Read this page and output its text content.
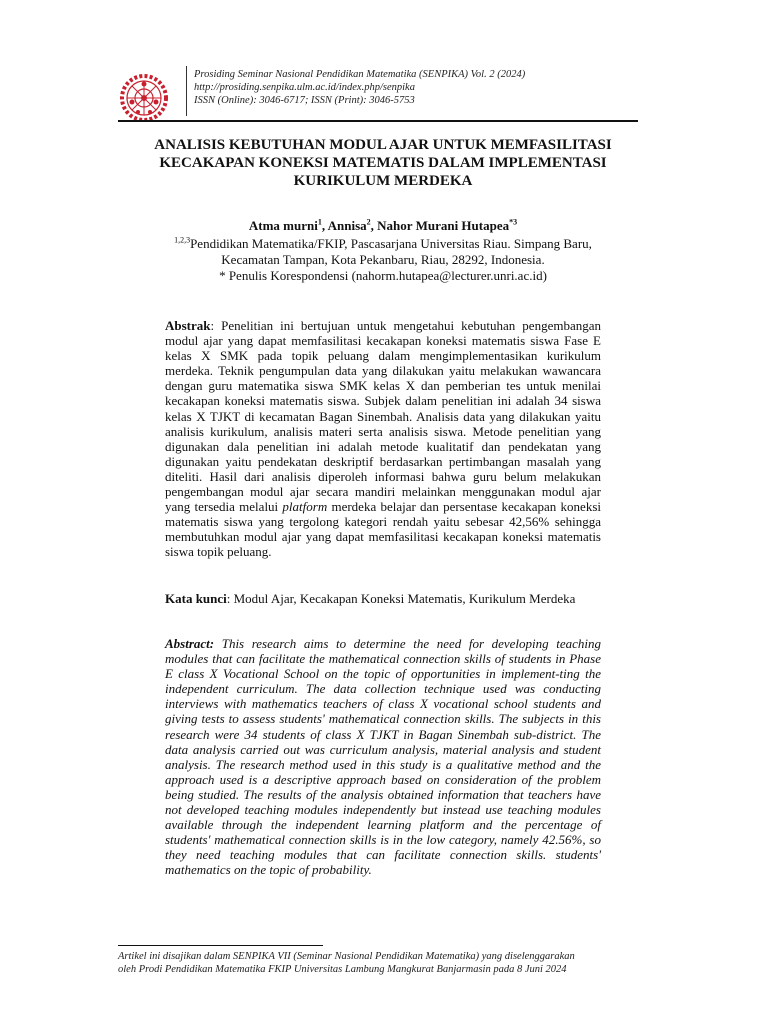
Prosiding Seminar Nasional Pendidikan Matematika (SENPIKA) Vol. 2 (2024)
http://prosiding.senpika.ulm.ac.id/index.php/senpika
ISSN (Online): 3046-6717; ISSN (Print): 3046-5753
ANALISIS KEBUTUHAN MODUL AJAR UNTUK MEMFASILITASI KECAKAPAN KONEKSI MATEMATIS DALAM IMPLEMENTASI KURIKULUM MERDEKA
Atma murni$^1$, Annisa$^2$, Nahor Murani Hutapea$^{*3}$
$^{1,2,3}$Pendidikan Matematika/FKIP, Pascasarjana Universitas Riau. Simpang Baru,
Kecamatan Tampan, Kota Pekanbaru, Riau, 28292, Indonesia.
* Penulis Korespondensi (nahorm.hutapea@lecturer.unri.ac.id)

Abstrak: Penelitian ini bertujuan untuk mengetahui kebutuhan pengembangan modul ajar yang dapat memfasilitasi kecakapan koneksi matematis siswa Fase E kelas X SMK pada topik peluang dalam mengimplementasikan kurikulum merdeka. Teknik pengumpulan data yang dilakukan yaitu melakukan wawancara dengan guru matematika siswa SMK kelas X dan pemberian tes untuk menilai kecakapan koneksi matematis siswa. Subjek dalam penelitian ini adalah 34 siswa kelas X TJKT di kecamatan Bagan Sinembah. Analisis data yang dilakukan yaitu analisis kurikulum, analisis materi serta analisis siswa. Metode penelitian yang digunakan dala penelitian ini adalah metode kualitatif dan pendekatan yang digunakan yaitu pendekatan deskriptif berdasarkan pertimbangan masalah yang diteliti. Hasil dari analisis diperoleh informasi bahwa guru belum melakukan pengembangan modul ajar secara mandiri melainkan menggunakan modul ajar yang tersedia melalui platform merdeka belajar dan persentase kecakapan koneksi matematis siswa yang tergolong kategori rendah yaitu sebesar 42,56% sehingga membutuhkan modul ajar yang dapat memfasilitasi kecakapan koneksi matematis siswa topik peluang.

Kata kunci: Modul Ajar, Kecakapan Koneksi Matematis, Kurikulum Merdeka

Abstract: This research aims to determine the need for developing teaching modules that can facilitate the mathematical connection skills of students in Phase E class X Vocational School on the topic of opportunities in implement-ting the independent curriculum. The data collection technique used was conducting interviews with mathematics teachers of class X vocational school students and giving tests to assess students' mathematical connection skills. The subjects in this research were 34 students of class X TJKT in Bagan Sinembah sub-district. The data analysis carried out was curriculum analysis, material analysis and student analysis. The research method used in this study is a qualitative method and the approach used is a descriptive approach based on consideration of the problem being studied. The results of the analysis obtained information that teachers have not developed teaching modules independently but instead use teaching modules available through the independent learning platform and the percentage of students' mathematical connection skills is in the low category, namely 42.56%, so they need teaching modules that can facilitate connection skills. students' mathematics on the topic of probability.

Artikel ini disajikan dalam SENPIKA VII (Seminar Nasional Pendidikan Matematika) yang diselenggarakan
oleh Prodi Pendidikan Matematika FKIP Universitas Lambung Mangkurat Banjarmasin pada 8 Juni 2024
